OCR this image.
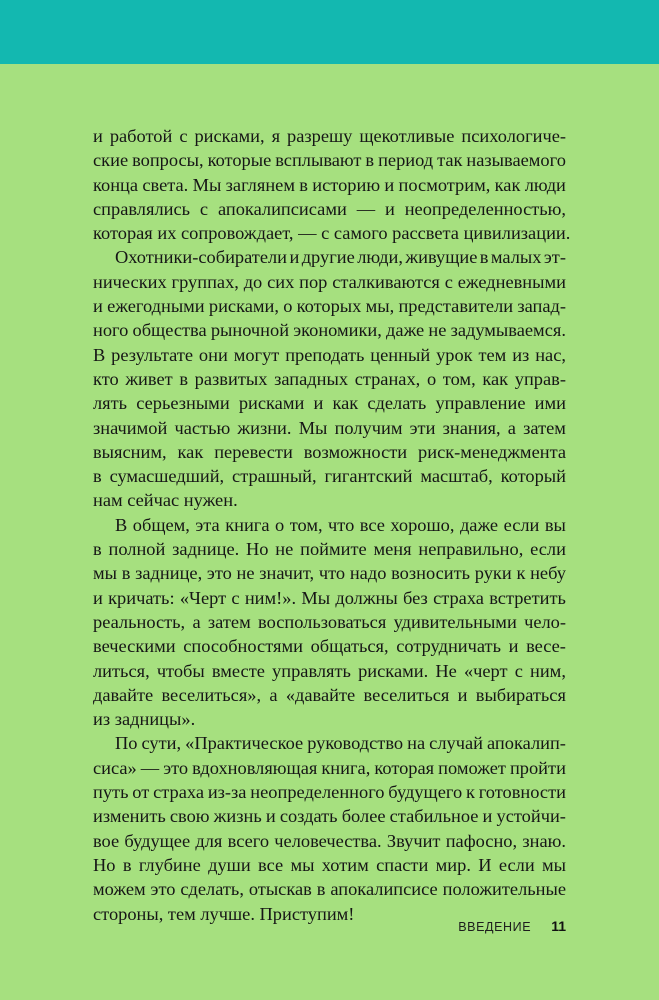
и работой с рисками, я разрешу щекотливые психологиче-
ские вопросы, которые всплывают в период так называемого
конца света. Мы заглянем в историю и посмотрим, как люди
справлялись с апокалипсисами — и неопределенностью,
которая их сопровождает, — с самого рассвета цивилизации.
Охотники-собиратели и другие люди, живущие в малых эт-
нических группах, до сих пор сталкиваются с ежедневными
и ежегодными рисками, о которых мы, представители запад-
ного общества рыночной экономики, даже не задумываемся.
В результате они могут преподать ценный урок тем из нас,
кто живет в развитых западных странах, о том, как управ-
лять серьезными рисками и как сделать управление ими
значимой частью жизни. Мы получим эти знания, а затем
выясним, как перевести возможности риск-менеджмента
в сумасшедший, страшный, гигантский масштаб, который
нам сейчас нужен.
В общем, эта книга о том, что все хорошо, даже если вы
в полной заднице. Но не поймите меня неправильно, если
мы в заднице, это не значит, что надо возносить руки к небу
и кричать: «Черт с ним!». Мы должны без страха встретить
реальность, а затем воспользоваться удивительными чело-
веческими способностями общаться, сотрудничать и весе-
литься, чтобы вместе управлять рисками. Не «черт с ним,
давайте веселиться», а «давайте веселиться и выбираться
из задницы».
По сути, «Практическое руководство на случай апокалип-
сиса» — это вдохновляющая книга, которая поможет пройти
путь от страха из-за неопределенного будущего к готовности
изменить свою жизнь и создать более стабильное и устойчи-
вое будущее для всего человечества. Звучит пафосно, знаю.
Но в глубине души все мы хотим спасти мир. И если мы
можем это сделать, отыскав в апокалипсисе положительные
стороны, тем лучше. Приступим!
ВВЕДЕНИЕ 11
